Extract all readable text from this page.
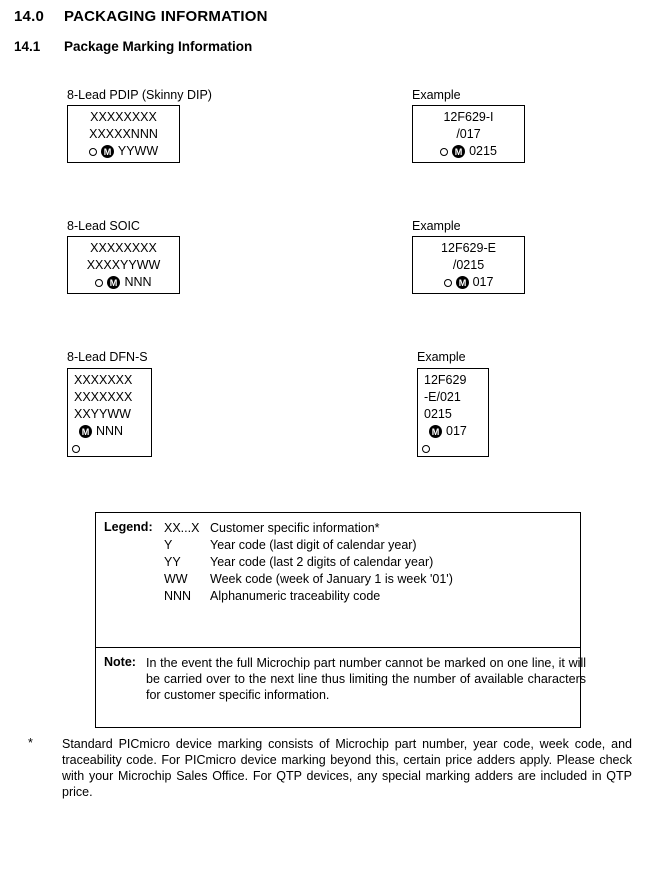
14.0	PACKAGING INFORMATION
14.1	Package Marking Information
8-Lead PDIP (Skinny DIP)
XXXXXXXX
XXXXXNNN
M YYWW
Example
12F629-I
/017
M 0215
8-Lead SOIC
XXXXXXXX
XXXXYYWW
M NNN
Example
12F629-E
/0215
M 017
8-Lead DFN-S
XXXXXXX
XXXXXXX
XXYYWW
M NNN
Example
12F629
-E/021
0215
M 017
Legend: XX...X Customer specific information*
Y	Year code (last digit of calendar year)
YY	Year code (last 2 digits of calendar year)
WW	Week code (week of January 1 is week '01')
NNN	Alphanumeric traceability code
Note: In the event the full Microchip part number cannot be marked on one line, it will be carried over to the next line thus limiting the number of available characters for customer specific information.
* Standard PICmicro device marking consists of Microchip part number, year code, week code, and traceability code. For PICmicro device marking beyond this, certain price adders apply. Please check with your Microchip Sales Office. For QTP devices, any special marking adders are included in QTP price.
